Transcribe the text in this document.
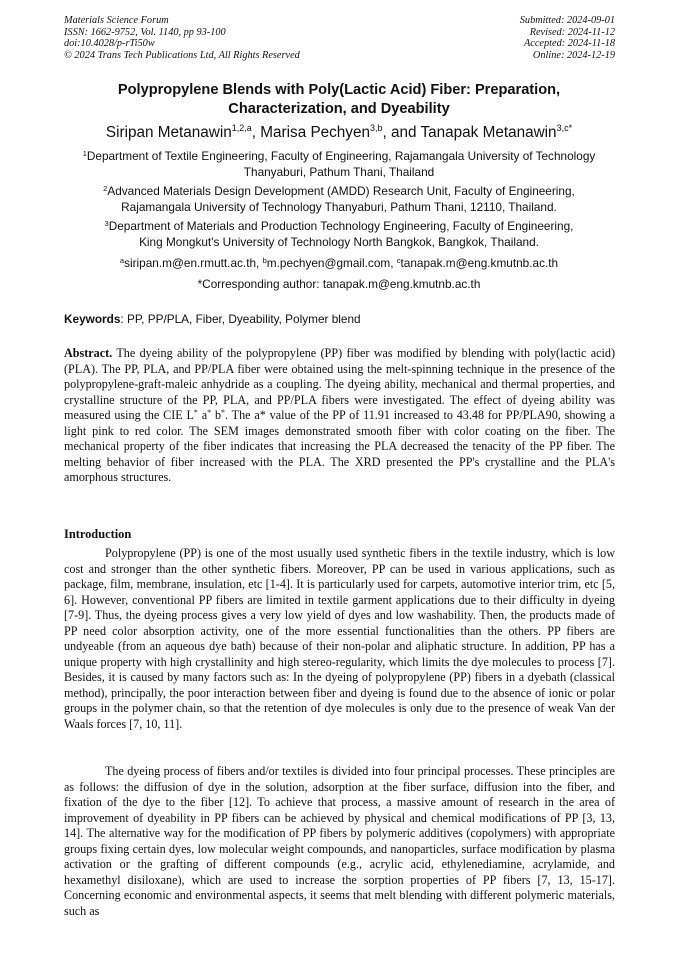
Materials Science Forum
ISSN: 1662-9752, Vol. 1140, pp 93-100
doi:10.4028/p-rTi50w
© 2024 Trans Tech Publications Ltd, All Rights Reserved
Submitted: 2024-09-01
Revised: 2024-11-12
Accepted: 2024-11-18
Online: 2024-12-19
Polypropylene Blends with Poly(Lactic Acid) Fiber: Preparation,
Characterization, and Dyeability
Siripan Metanawin$^{1,2,a}$, Marisa Pechyen$^{3,b}$, and Tanapak Metanawin$^{3,c*}$
$^1$Department of Textile Engineering, Faculty of Engineering, Rajamangala University of Technology
Thanyaburi, Pathum Thani, Thailand
$^2$Advanced Materials Design Development (AMDD) Research Unit, Faculty of Engineering,
Rajamangala University of Technology Thanyaburi, Pathum Thani, 12110, Thailand.
$^3$Department of Materials and Production Technology Engineering, Faculty of Engineering,
King Mongkut's University of Technology North Bangkok, Bangkok, Thailand.
$^a$siripan.m@en.rmutt.ac.th, $^b$m.pechyen@gmail.com, $^c$tanapak.m@eng.kmutnb.ac.th
*Corresponding author: tanapak.m@eng.kmutnb.ac.th
Keywords: PP, PP/PLA, Fiber, Dyeability, Polymer blend

Abstract. The dyeing ability of the polypropylene (PP) fiber was modified by blending with poly(lactic acid) (PLA). The PP, PLA, and PP/PLA fiber were obtained using the melt-spinning technique in the presence of the polypropylene-graft-maleic anhydride as a coupling. The dyeing ability, mechanical and thermal properties, and crystalline structure of the PP, PLA, and PP/PLA fibers were investigated. The effect of dyeing ability was measured using the CIE L* a* b*. The a* value of the PP of 11.91 increased to 43.48 for PP/PLA90, showing a light pink to red color. The SEM images demonstrated smooth fiber with color coating on the fiber. The mechanical property of the fiber indicates that increasing the PLA decreased the tenacity of the PP fiber. The melting behavior of fiber increased with the PLA. The XRD presented the PP's crystalline and the PLA's amorphous structures.

Introduction

Polypropylene (PP) is one of the most usually used synthetic fibers in the textile industry, which is low cost and stronger than the other synthetic fibers. Moreover, PP can be used in various applications, such as package, film, membrane, insulation, etc [1-4]. It is particularly used for carpets, automotive interior trim, etc [5, 6]. However, conventional PP fibers are limited in textile garment applications due to their difficulty in dyeing [7-9]. Thus, the dyeing process gives a very low yield of dyes and low washability. Then, the products made of PP need color absorption activity, one of the more essential functionalities than the others. PP fibers are undyeable (from an aqueous dye bath) because of their non-polar and aliphatic structure. In addition, PP has a unique property with high crystallinity and high stereo-regularity, which limits the dye molecules to process [7]. Besides, it is caused by many factors such as: In the dyeing of polypropylene (PP) fibers in a dyebath (classical method), principally, the poor interaction between fiber and dyeing is found due to the absence of ionic or polar groups in the polymer chain, so that the retention of dye molecules is only due to the presence of weak Van der Waals forces [7, 10, 11].

The dyeing process of fibers and/or textiles is divided into four principal processes. These principles are as follows: the diffusion of dye in the solution, adsorption at the fiber surface, diffusion into the fiber, and fixation of the dye to the fiber [12]. To achieve that process, a massive amount of research in the area of improvement of dyeability in PP fibers can be achieved by physical and chemical modifications of PP [3, 13, 14]. The alternative way for the modification of PP fibers by polymeric additives (copolymers) with appropriate groups fixing certain dyes, low molecular weight compounds, and nanoparticles, surface modification by plasma activation or the grafting of different compounds (e.g., acrylic acid, ethylenediamine, acrylamide, and hexamethyl disiloxane), which are used to increase the sorption properties of PP fibers [7, 13, 15-17]. Concerning economic and environmental aspects, it seems that melt blending with different polymeric materials, such as
